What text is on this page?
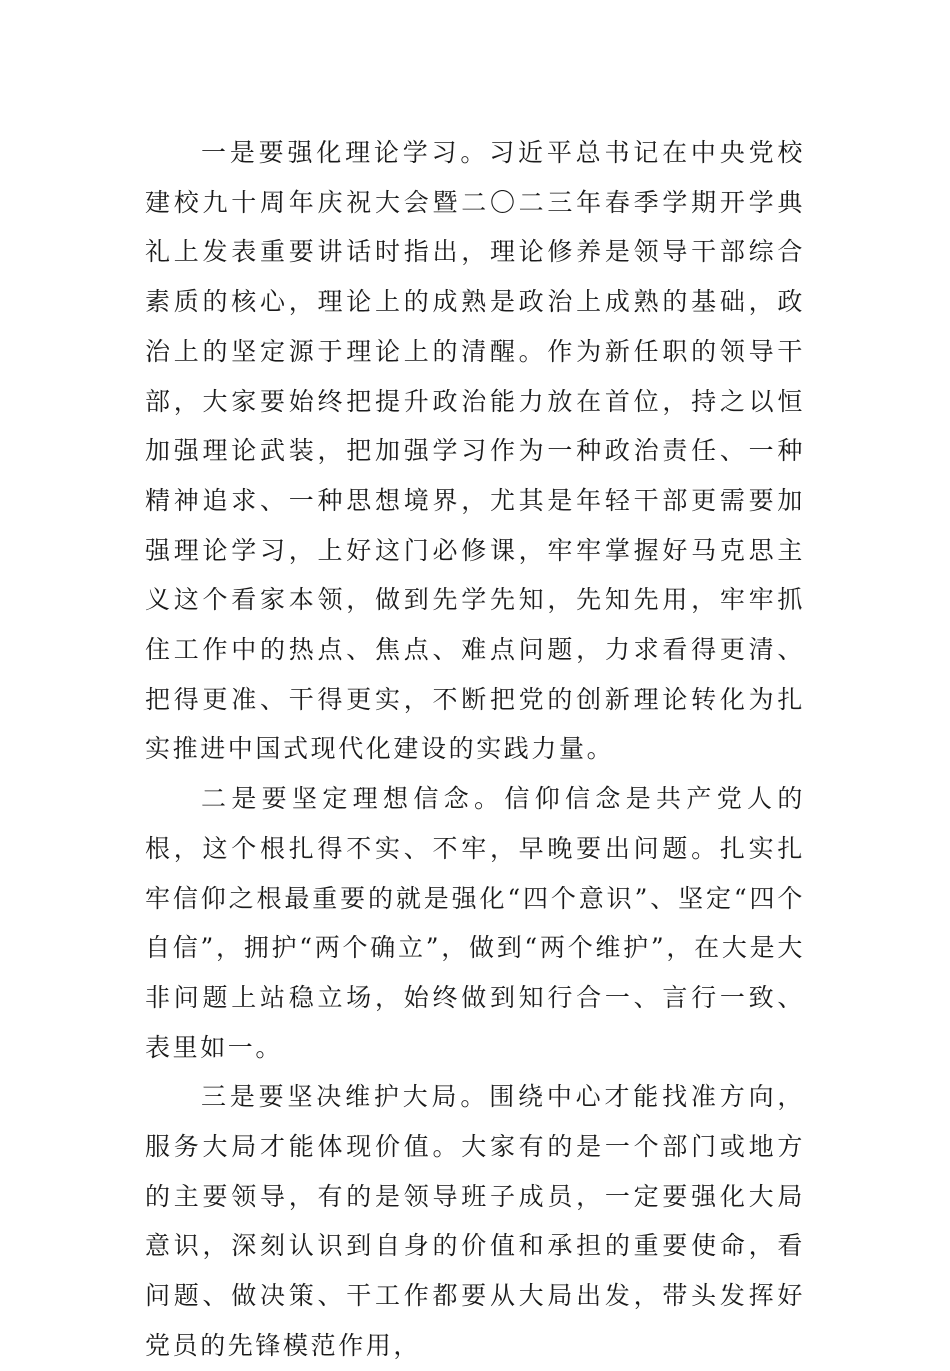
一是要强化理论学习。习近平总书记在中央党校建校九十周年庆祝大会暨二〇二三年春季学期开学典礼上发表重要讲话时指出，理论修养是领导干部综合素质的核心，理论上的成熟是政治上成熟的基础，政治上的坚定源于理论上的清醒。作为新任职的领导干部，大家要始终把提升政治能力放在首位，持之以恒加强理论武装，把加强学习作为一种政治责任、一种精神追求、一种思想境界，尤其是年轻干部更需要加强理论学习，上好这门必修课，牢牢掌握好马克思主义这个看家本领，做到先学先知，先知先用，牢牢抓住工作中的热点、焦点、难点问题，力求看得更清、把得更准、干得更实，不断把党的创新理论转化为扎实推进中国式现代化建设的实践力量。

二是要坚定理想信念。信仰信念是共产党人的根，这个根扎得不实、不牢，早晚要出问题。扎实扎牢信仰之根最重要的就是强化“四个意识”、坚定“四个自信”，拥护“两个确立”，做到“两个维护”，在大是大非问题上站稳立场，始终做到知行合一、言行一致、表里如一。

三是要坚决维护大局。围绕中心才能找准方向，服务大局才能体现价值。大家有的是一个部门或地方的主要领导，有的是领导班子成员，一定要强化大局意识，深刻认识到自身的价值和承担的重要使命，看问题、做决策、干工作都要从大局出发，带头发挥好党员的先锋模范作用，
